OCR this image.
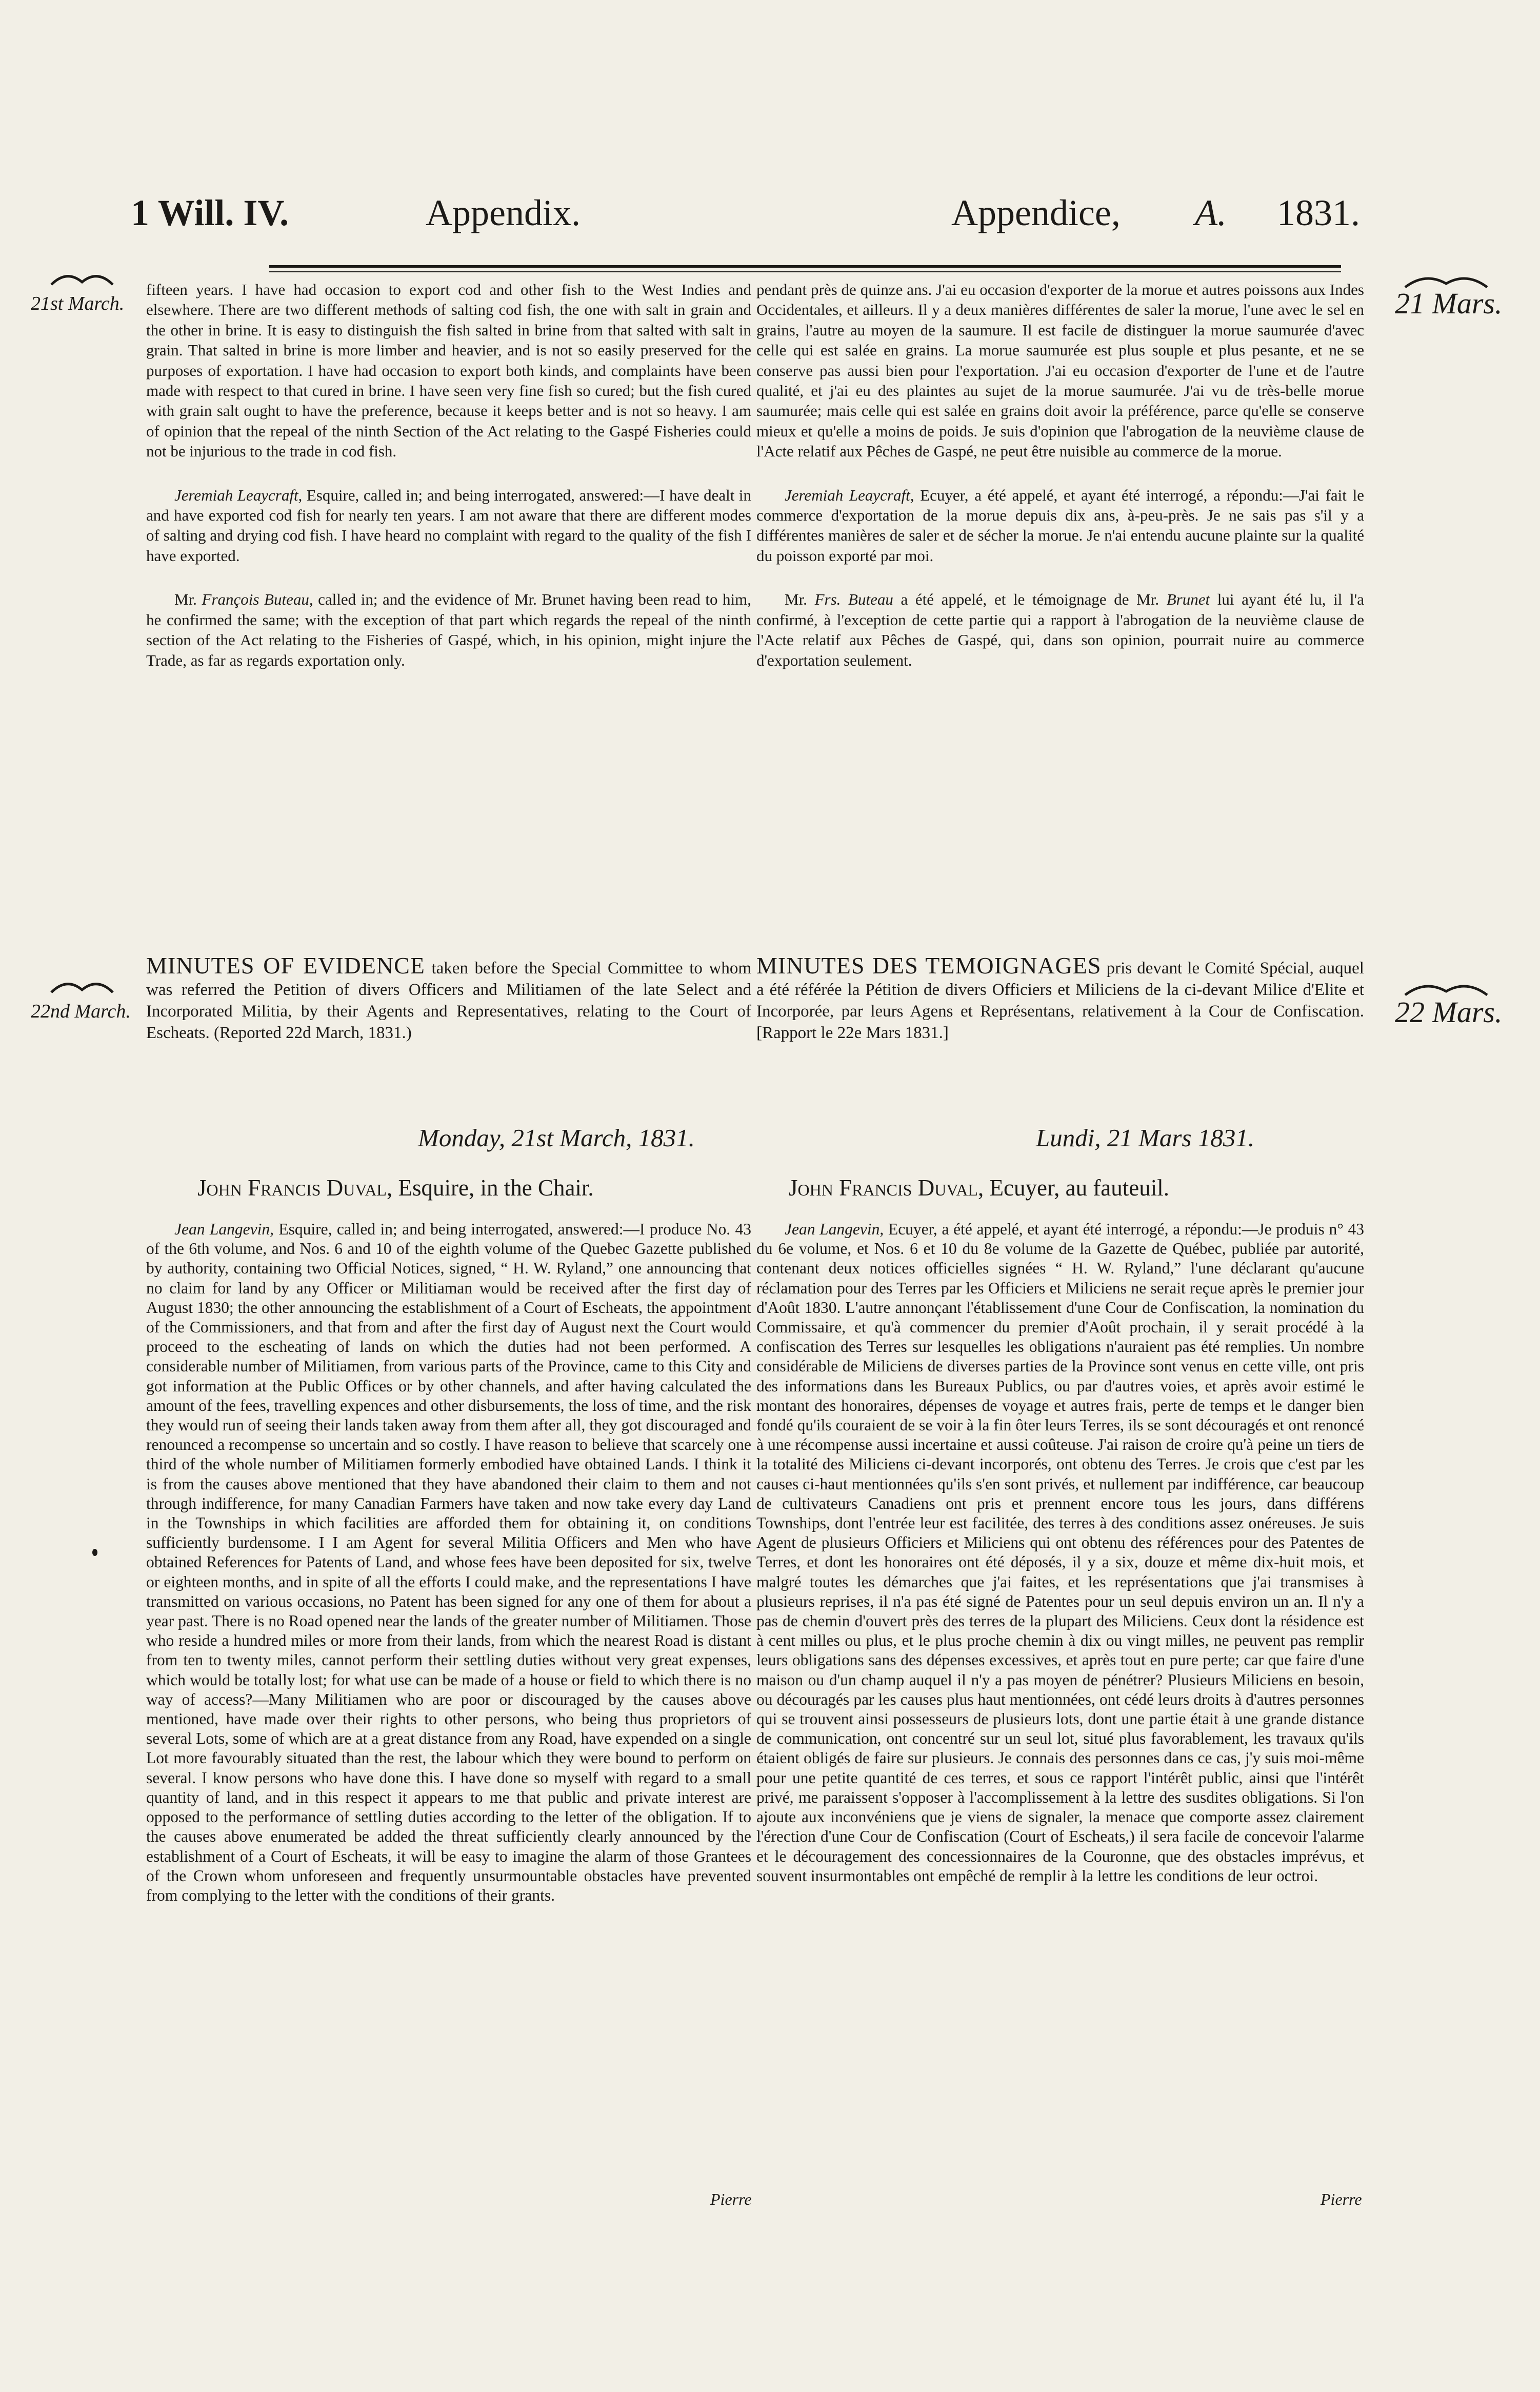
1 Will. IV.	Appendix.	Appendice, A. 1831.
21st March.	21 Mars.
22nd March.	22 Mars.

fifteen years. I have had occasion to export cod and other fish to the West Indies and elsewhere. There are two different methods of salting cod fish, the one with salt in grain and the other in brine. It is easy to distinguish the fish salted in brine from that salted with salt in grain. That salted in brine is more limber and heavier, and is not so easily preserved for the purposes of exportation. I have had occasion to export both kinds, and complaints have been made with respect to that cured in brine. I have seen very fine fish so cured; but the fish cured with grain salt ought to have the preference, because it keeps better and is not so heavy. I am of opinion that the repeal of the ninth Section of the Act relating to the Gaspé Fisheries could not be injurious to the trade in cod fish.

Jeremiah Leaycraft, Esquire, called in; and being interrogated, answered:—I have dealt in and have exported cod fish for nearly ten years. I am not aware that there are different modes of salting and drying cod fish. I have heard no complaint with regard to the quality of the fish I have exported.

Mr. François Buteau, called in; and the evidence of Mr. Brunet having been read to him, he confirmed the same; with the exception of that part which regards the repeal of the ninth section of the Act relating to the Fisheries of Gaspé, which, in his opinion, might injure the Trade, as far as regards exportation only.

pendant près de quinze ans. J'ai eu occasion d'exporter de la morue et autres poissons aux Indes Occidentales, et ailleurs. Il y a deux manières différentes de saler la morue, l'une avec le sel en grains, l'autre au moyen de la saumure. Il est facile de distinguer la morue saumurée d'avec celle qui est salée en grains. La morue saumurée est plus souple et plus pesante, et ne se conserve pas aussi bien pour l'exportation. J'ai eu occasion d'exporter de l'une et de l'autre qualité, et j'ai eu des plaintes au sujet de la morue saumurée. J'ai vu de très-belle morue saumurée; mais celle qui est salée en grains doit avoir la préférence, parce qu'elle se conserve mieux et qu'elle a moins de poids. Je suis d'opinion que l'abrogation de la neuvième clause de l'Acte relatif aux Pêches de Gaspé, ne peut être nuisible au commerce de la morue.

Jeremiah Leaycraft, Ecuyer, a été appelé, et ayant été interrogé, a répondu:—J'ai fait le commerce d'exportation de la morue depuis dix ans, à-peu-près. Je ne sais pas s'il y a différentes manières de saler et de sécher la morue. Je n'ai entendu aucune plainte sur la qualité du poisson exporté par moi.

Mr. Frs. Buteau a été appelé, et le témoignage de Mr. Brunet lui ayant été lu, il l'a confirmé, à l'exception de cette partie qui a rapport à l'abrogation de la neuvième clause de l'Acte relatif aux Pêches de Gaspé, qui, dans son opinion, pourrait nuire au commerce d'exportation seulement.

MINUTES OF EVIDENCE taken before the Special Committee to whom was referred the Petition of divers Officers and Militiamen of the late Select and Incorporated Militia, by their Agents and Representatives, relating to the Court of Escheats. (Reported 22d March, 1831.)
MINUTES DES TEMOIGNAGES pris devant le Comité Spécial, auquel a été référée la Pétition de divers Officiers et Miliciens de la ci-devant Milice d'Elite et Incorporée, par leurs Agens et Représentans, relativement à la Cour de Confiscation. [Rapport le 22e Mars 1831.]
Monday, 21st March, 1831.	Lundi, 21 Mars 1831.
John Francis Duval, Esquire, in the Chair.	John Francis Duval, Ecuyer, au fauteuil.

Jean Langevin, Esquire, called in; and being interrogated, answered:—I produce No. 43 of the 6th volume, and Nos. 6 and 10 of the eighth volume of the Quebec Gazette published by authority, containing two Official Notices, signed, “ H. W. Ryland,” one announcing that no claim for land by any Officer or Militiaman would be received after the first day of August 1830; the other announcing the establishment of a Court of Escheats, the appointment of the Commissioners, and that from and after the first day of August next the Court would proceed to the escheating of lands on which the duties had not been performed. A considerable number of Militiamen, from various parts of the Province, came to this City and got information at the Public Offices or by other channels, and after having calculated the amount of the fees, travelling expences and other disbursements, the loss of time, and the risk they would run of seeing their lands taken away from them after all, they got discouraged and renounced a recompense so uncertain and so costly. I have reason to believe that scarcely one third of the whole number of Militiamen formerly embodied have obtained Lands. I think it is from the causes above mentioned that they have abandoned their claim to them and not through indifference, for many Canadian Farmers have taken and now take every day Land in the Townships in which facilities are afforded them for obtaining it, on conditions sufficiently burdensome. I I am Agent for several Militia Officers and Men who have obtained References for Patents of Land, and whose fees have been deposited for six, twelve or eighteen months, and in spite of all the efforts I could make, and the representations I have transmitted on various occasions, no Patent has been signed for any one of them for about a year past. There is no Road opened near the lands of the greater number of Militiamen. Those who reside a hundred miles or more from their lands, from which the nearest Road is distant from ten to twenty miles, cannot perform their settling duties without very great expenses, which would be totally lost; for what use can be made of a house or field to which there is no way of access?—Many Militiamen who are poor or discouraged by the causes above mentioned, have made over their rights to other persons, who being thus proprietors of several Lots, some of which are at a great distance from any Road, have expended on a single Lot more favourably situated than the rest, the labour which they were bound to perform on several. I know persons who have done this. I have done so myself with regard to a small quantity of land, and in this respect it appears to me that public and private interest are opposed to the performance of settling duties according to the letter of the obligation. If to the causes above enumerated be added the threat sufficiently clearly announced by the establishment of a Court of Escheats, it will be easy to imagine the alarm of those Grantees of the Crown whom unforeseen and frequently unsurmountable obstacles have prevented from complying to the letter with the conditions of their grants.

Jean Langevin, Ecuyer, a été appelé, et ayant été interrogé, a répondu:—Je produis n° 43 du 6e volume, et Nos. 6 et 10 du 8e volume de la Gazette de Québec, publiée par autorité, contenant deux notices officielles signées “ H. W. Ryland,” l'une déclarant qu'aucune réclamation pour des Terres par les Officiers et Miliciens ne serait reçue après le premier jour d'Août 1830. L'autre annonçant l'établissement d'une Cour de Confiscation, la nomination du Commissaire, et qu'à commencer du premier d'Août prochain, il y serait procédé à la confiscation des Terres sur lesquelles les obligations n'auraient pas été remplies. Un nombre considérable de Miliciens de diverses parties de la Province sont venus en cette ville, ont pris des informations dans les Bureaux Publics, ou par d'autres voies, et après avoir estimé le montant des honoraires, dépenses de voyage et autres frais, perte de temps et le danger bien fondé qu'ils couraient de se voir à la fin ôter leurs Terres, ils se sont découragés et ont renoncé à une récompense aussi incertaine et aussi coûteuse. J'ai raison de croire qu'à peine un tiers de la totalité des Miliciens ci-devant incorporés, ont obtenu des Terres. Je crois que c'est par les causes ci-haut mentionnées qu'ils s'en sont privés, et nullement par indifférence, car beaucoup de cultivateurs Canadiens ont pris et prennent encore tous les jours, dans différens Townships, dont l'entrée leur est facilitée, des terres à des conditions assez onéreuses. Je suis Agent de plusieurs Officiers et Miliciens qui ont obtenu des références pour des Patentes de Terres, et dont les honoraires ont été déposés, il y a six, douze et même dix-huit mois, et malgré toutes les démarches que j'ai faites, et les représentations que j'ai transmises à plusieurs reprises, il n'a pas été signé de Patentes pour un seul depuis environ un an. Il n'y a pas de chemin d'ouvert près des terres de la plupart des Miliciens. Ceux dont la résidence est à cent milles ou plus, et le plus proche chemin à dix ou vingt milles, ne peuvent pas remplir leurs obligations sans des dépenses excessives, et après tout en pure perte; car que faire d'une maison ou d'un champ auquel il n'y a pas moyen de pénétrer? Plusieurs Miliciens en besoin, ou découragés par les causes plus haut mentionnées, ont cédé leurs droits à d'autres personnes qui se trouvent ainsi possesseurs de plusieurs lots, dont une partie était à une grande distance de communication, ont concentré sur un seul lot, situé plus favorablement, les travaux qu'ils étaient obligés de faire sur plusieurs. Je connais des personnes dans ce cas, j'y suis moi-même pour une petite quantité de ces terres, et sous ce rapport l'intérêt public, ainsi que l'intérêt privé, me paraissent s'opposer à l'accomplissement à la lettre des susdites obligations. Si l'on ajoute aux inconvéniens que je viens de signaler, la menace que comporte assez clairement l'érection d'une Cour de Confiscation (Court of Escheats,) il sera facile de concevoir l'alarme et le découragement des concessionnaires de la Couronne, que des obstacles imprévus, et souvent insurmontables ont empêché de remplir à la lettre les conditions de leur octroi.

Pierre	Pierre
